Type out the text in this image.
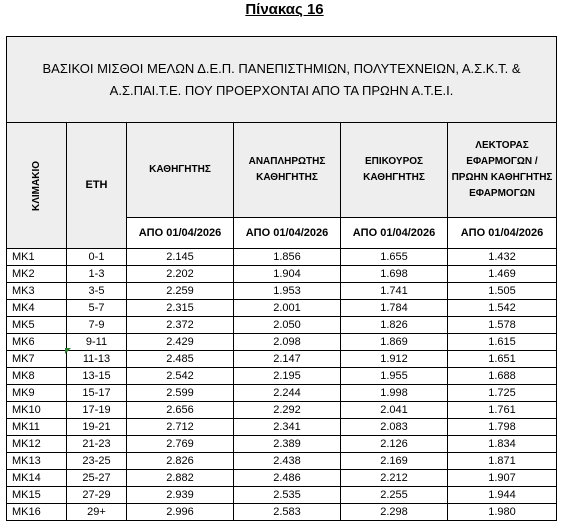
Πίνακας 16
ΒΑΣΙΚΟΙ ΜΙΣΘΟΙ ΜΕΛΩΝ Δ.Ε.Π. ΠΑΝΕΠΙΣΤΗΜΙΩΝ, ΠΟΛΥΤΕΧΝΕΙΩΝ, Α.Σ.Κ.Τ. & Α.Σ.ΠΑΙ.Τ.Ε. ΠΟΥ ΠΡΟΕΡΧΟΝΤΑΙ ΑΠΟ ΤΑ ΠΡΩΗΝ Α.Τ.Ε.Ι.					

ΚΛΙΜΑΚΙΟ	ΕΤΗ	ΚΑΘΗΓΗΤΗΣ	ΑΝΑΠΛΗΡΩΤΗΣ ΚΑΘΗΓΗΤΗΣ	ΕΠΙΚΟΥΡΟΣ ΚΑΘΗΓΗΤΗΣ	ΛΕΚΤΟΡΑΣ ΕΦΑΡΜΟΓΩΝ / ΠΡΩΗΝ ΚΑΘΗΓΗΤΗΣ ΕΦΑΡΜΟΓΩΝ
		ΑΠΟ 01/04/2026	ΑΠΟ 01/04/2026	ΑΠΟ 01/04/2026	ΑΠΟ 01/04/2026
ΜΚ1	0-1	2.145	1.856	1.655	1.432
ΜΚ2	1-3	2.202	1.904	1.698	1.469
ΜΚ3	3-5	2.259	1.953	1.741	1.505
ΜΚ4	5-7	2.315	2.001	1.784	1.542
ΜΚ5	7-9	2.372	2.050	1.826	1.578
ΜΚ6	9-11	2.429	2.098	1.869	1.615
ΜΚ7	11-13	2.485	2.147	1.912	1.651
ΜΚ8	13-15	2.542	2.195	1.955	1.688
ΜΚ9	15-17	2.599	2.244	1.998	1.725
ΜΚ10	17-19	2.656	2.292	2.041	1.761
ΜΚ11	19-21	2.712	2.341	2.083	1.798
ΜΚ12	21-23	2.769	2.389	2.126	1.834
ΜΚ13	23-25	2.826	2.438	2.169	1.871
ΜΚ14	25-27	2.882	2.486	2.212	1.907
ΜΚ15	27-29	2.939	2.535	2.255	1.944
ΜΚ16	29+	2.996	2.583	2.298	1.980
